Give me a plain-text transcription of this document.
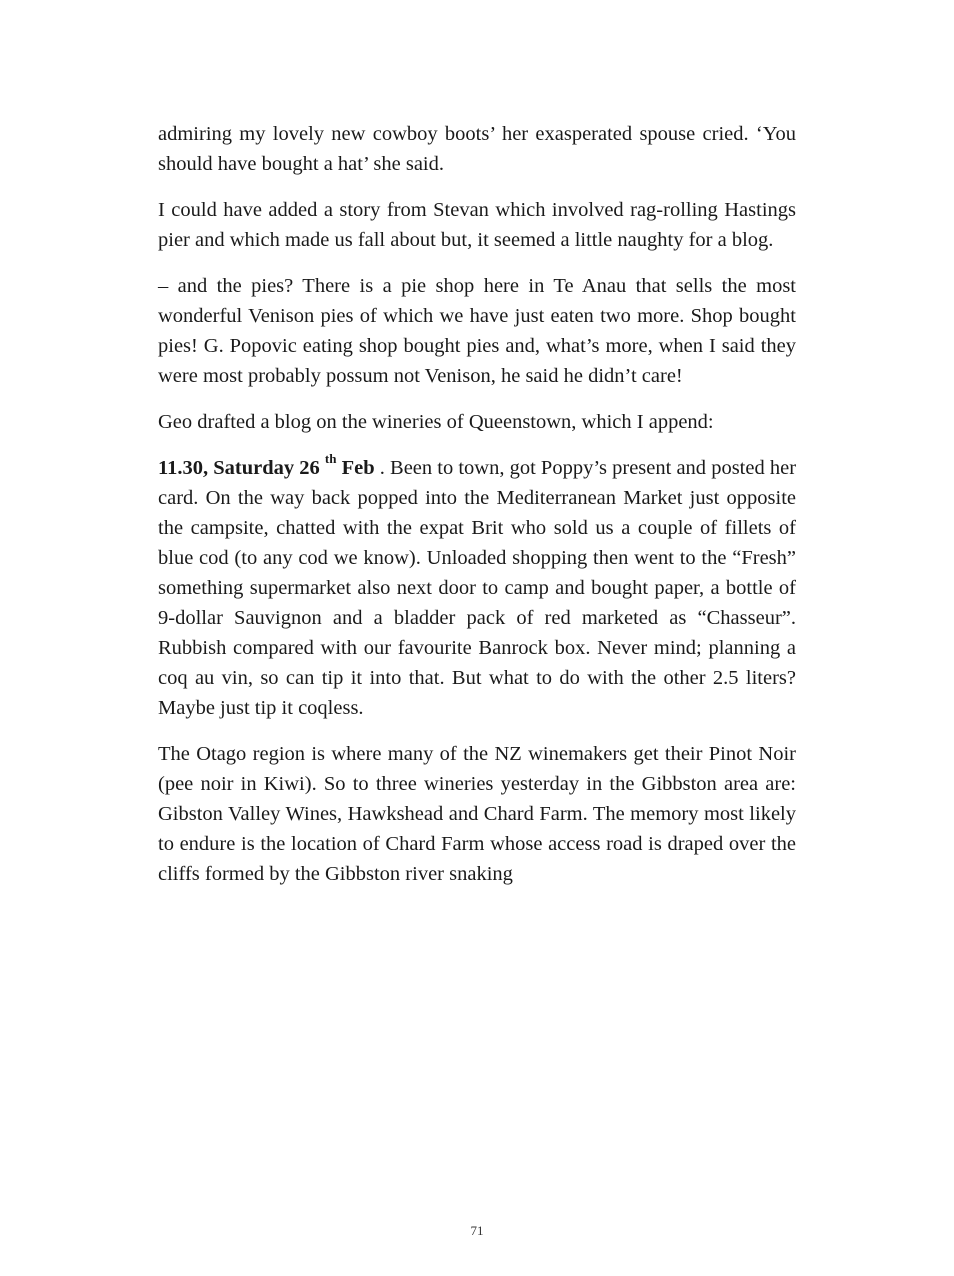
admiring my lovely new cowboy boots’ her exasperated spouse cried. ‘You should have bought a hat’ she said.

I could have added a story from Stevan which involved rag-rolling Hastings pier and which made us fall about but, it seemed a little naughty for a blog.

– and the pies? There is a pie shop here in Te Anau that sells the most wonderful Venison pies of which we have just eaten two more. Shop bought pies! G. Popovic eating shop bought pies and, what’s more, when I said they were most probably possum not Venison, he said he didn’t care!

Geo drafted a blog on the wineries of Queenstown, which I append:

11.30, Saturday 26 $^{th}$ Feb . Been to town, got Poppy’s present and posted her card. On the way back popped into the Mediterranean Market just opposite the campsite, chatted with the expat Brit who sold us a couple of fillets of blue cod (to any cod we know). Unloaded shopping then went to the “Fresh” something supermarket also next door to camp and bought paper, a bottle of 9-dollar Sauvignon and a bladder pack of red marketed as “Chasseur”. Rubbish compared with our favourite Banrock box. Never mind; planning a coq au vin, so can tip it into that. But what to do with the other 2.5 liters? Maybe just tip it coqless.

The Otago region is where many of the NZ winemakers get their Pinot Noir (pee noir in Kiwi). So to three wineries yesterday in the Gibbston area are: Gibston Valley Wines, Hawkshead and Chard Farm. The memory most likely to endure is the location of Chard Farm whose access road is draped over the cliffs formed by the Gibbston river snaking

71
